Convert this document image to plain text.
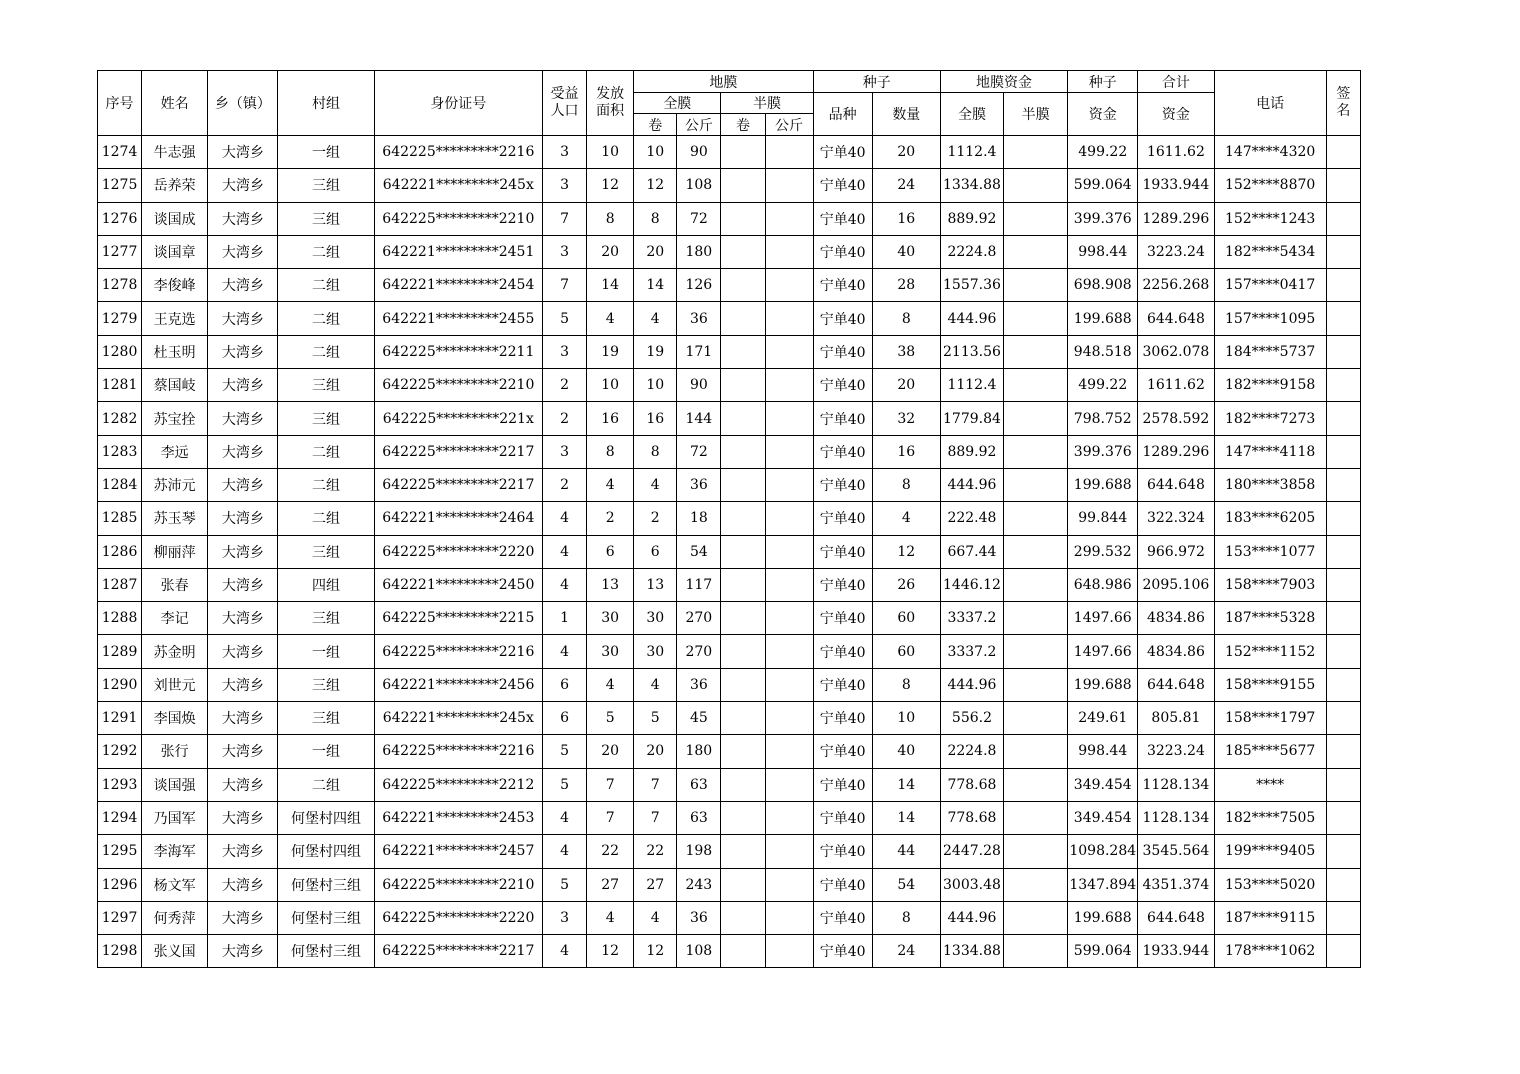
序号	姓名	乡（镇）	村组	身份证号	受益人口	发放面积	地膜				种子		地膜资金		种子	合计	电话	签名

							全膜		半膜		品种	数量	全膜	半膜	资金	资金		
							卷	公斤	卷	公斤								
1274	牛志强	大湾乡	一组	642225*********2216	3	10	10	90			宁单40	20	1112.4		499.22	1611.62	147****4320	
1275	岳养荣	大湾乡	三组	642221*********245x	3	12	12	108			宁单40	24	1334.88		599.064	1933.944	152****8870	
1276	谈国成	大湾乡	三组	642225*********2210	7	8	8	72			宁单40	16	889.92		399.376	1289.296	152****1243	
1277	谈国章	大湾乡	二组	642221*********2451	3	20	20	180			宁单40	40	2224.8		998.44	3223.24	182****5434	
1278	李俊峰	大湾乡	二组	642221*********2454	7	14	14	126			宁单40	28	1557.36		698.908	2256.268	157****0417	
1279	王克选	大湾乡	二组	642221*********2455	5	4	4	36			宁单40	8	444.96		199.688	644.648	157****1095	
1280	杜玉明	大湾乡	二组	642225*********2211	3	19	19	171			宁单40	38	2113.56		948.518	3062.078	184****5737	
1281	蔡国岐	大湾乡	三组	642225*********2210	2	10	10	90			宁单40	20	1112.4		499.22	1611.62	182****9158	
1282	苏宝拴	大湾乡	三组	642225*********221x	2	16	16	144			宁单40	32	1779.84		798.752	2578.592	182****7273	
1283	李远	大湾乡	二组	642225*********2217	3	8	8	72			宁单40	16	889.92		399.376	1289.296	147****4118	
1284	苏沛元	大湾乡	二组	642225*********2217	2	4	4	36			宁单40	8	444.96		199.688	644.648	180****3858	
1285	苏玉琴	大湾乡	二组	642221*********2464	4	2	2	18			宁单40	4	222.48		99.844	322.324	183****6205	
1286	柳丽萍	大湾乡	三组	642225*********2220	4	6	6	54			宁单40	12	667.44		299.532	966.972	153****1077	
1287	张春	大湾乡	四组	642221*********2450	4	13	13	117			宁单40	26	1446.12		648.986	2095.106	158****7903	
1288	李记	大湾乡	三组	642225*********2215	1	30	30	270			宁单40	60	3337.2		1497.66	4834.86	187****5328	
1289	苏金明	大湾乡	一组	642225*********2216	4	30	30	270			宁单40	60	3337.2		1497.66	4834.86	152****1152	
1290	刘世元	大湾乡	三组	642221*********2456	6	4	4	36			宁单40	8	444.96		199.688	644.648	158****9155	
1291	李国焕	大湾乡	三组	642221*********245x	6	5	5	45			宁单40	10	556.2		249.61	805.81	158****1797	
1292	张行	大湾乡	一组	642225*********2216	5	20	20	180			宁单40	40	2224.8		998.44	3223.24	185****5677	
1293	谈国强	大湾乡	二组	642225*********2212	5	7	7	63			宁单40	14	778.68		349.454	1128.134	****	
1294	乃国军	大湾乡	何堡村四组	642221*********2453	4	7	7	63			宁单40	14	778.68		349.454	1128.134	182****7505	
1295	李海军	大湾乡	何堡村四组	642221*********2457	4	22	22	198			宁单40	44	2447.28		1098.284	3545.564	199****9405	
1296	杨文军	大湾乡	何堡村三组	642225*********2210	5	27	27	243			宁单40	54	3003.48		1347.894	4351.374	153****5020	
1297	何秀萍	大湾乡	何堡村三组	642225*********2220	3	4	4	36			宁单40	8	444.96		199.688	644.648	187****9115	
1298	张义国	大湾乡	何堡村三组	642225*********2217	4	12	12	108			宁单40	24	1334.88		599.064	1933.944	178****1062	
